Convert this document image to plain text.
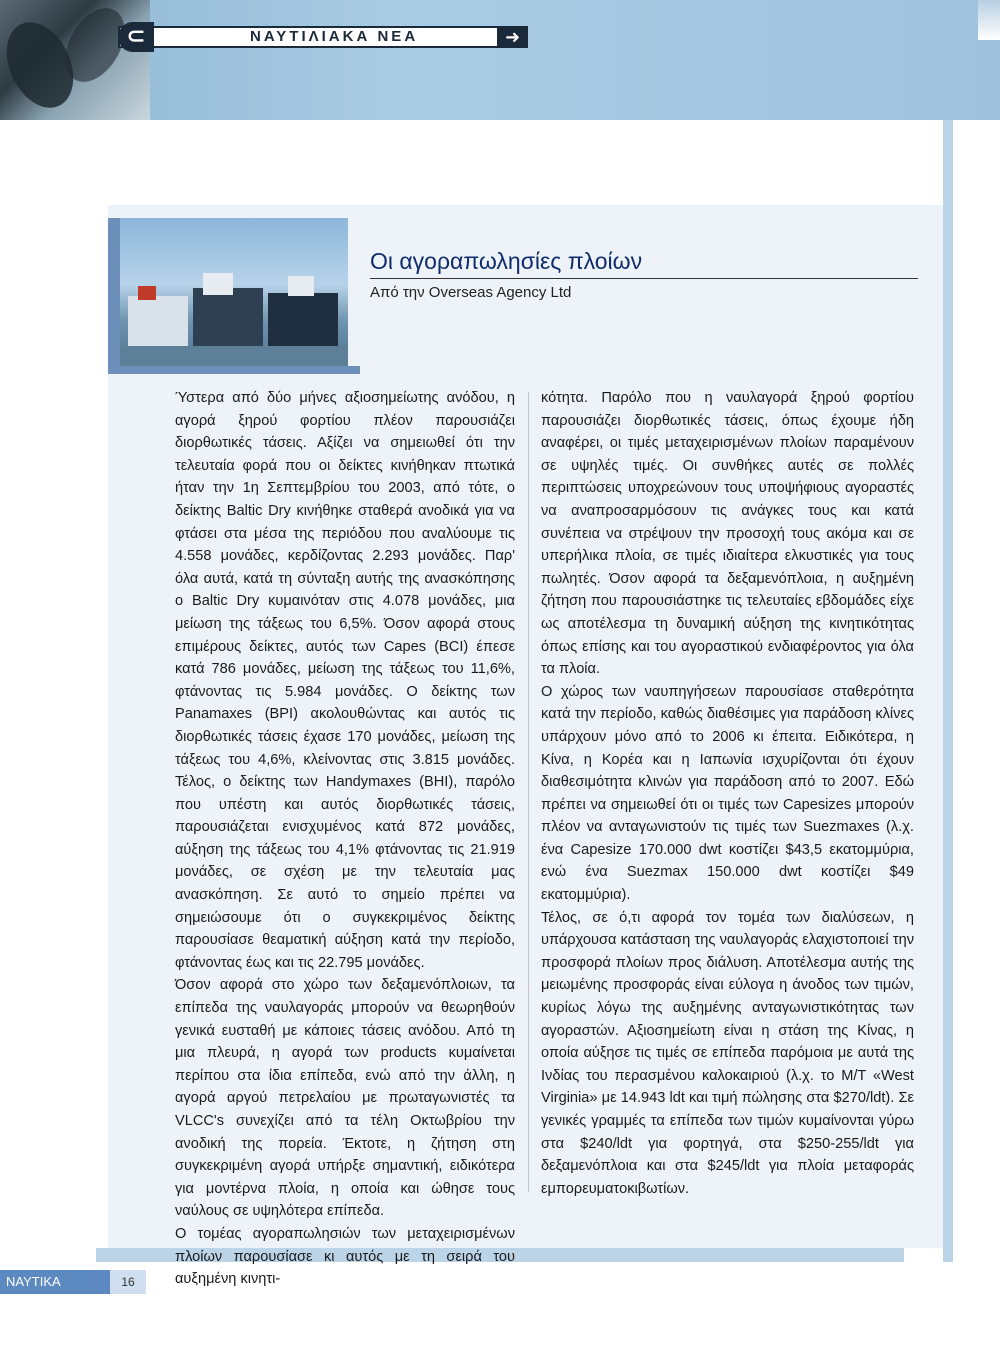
⊂	ΝΑΥΤΙΛΙΑΚΑ ΝΕΑ	➜
Οι αγοραπωλησίες πλοίων
Από την Overseas Agency Ltd

Ύστερα από δύο μήνες αξιοσημείωτης ανόδου, η αγορά ξηρού φορτίου πλέον παρουσιάζει διορθωτικές τάσεις. Αξίζει να σημειωθεί ότι την τελευταία φορά που οι δείκτες κινήθηκαν πτωτικά ήταν την 1η Σεπτεμβρίου του 2003, από τότε, ο δείκτης Baltic Dry κινήθηκε σταθερά ανοδικά για να φτάσει στα μέσα της περιόδου που αναλύουμε τις 4.558 μονάδες, κερδίζοντας 2.293 μονάδες. Παρ' όλα αυτά, κατά τη σύνταξη αυτής της ανασκόπησης ο Baltic Dry κυμαινόταν στις 4.078 μονάδες, μια μείωση της τάξεως του 6,5%. Όσον αφορά στους επιμέρους δείκτες, αυτός των Capes (BCI) έπεσε κατά 786 μονάδες, μείωση της τάξεως του 11,6%, φτάνοντας τις 5.984 μονάδες. Ο δείκτης των Panamaxes (BPI) ακολουθώντας και αυτός τις διορθωτικές τάσεις έχασε 170 μονάδες, μείωση της τάξεως του 4,6%, κλείνοντας στις 3.815 μονάδες. Τέλος, ο δείκτης των Handymaxes (BHI), παρόλο που υπέστη και αυτός διορθωτικές τάσεις, παρουσιάζεται ενισχυμένος κατά 872 μονάδες, αύξηση της τάξεως του 4,1% φτάνοντας τις 21.919 μονάδες, σε σχέση με την τελευταία μας ανασκόπηση. Σε αυτό το σημείο πρέπει να σημειώσουμε ότι ο συγκεκριμένος δείκτης παρουσίασε θεαματική αύξηση κατά την περίοδο, φτάνοντας έως και τις 22.795 μονάδες.

Όσον αφορά στο χώρο των δεξαμενόπλοιων, τα επίπεδα της ναυλαγοράς μπορούν να θεωρηθούν γενικά ευσταθή με κάποιες τάσεις ανόδου. Από τη μια πλευρά, η αγορά των products κυμαίνεται περίπου στα ίδια επίπεδα, ενώ από την άλλη, η αγορά αργού πετρελαίου με πρωταγωνιστές τα VLCC's συνεχίζει από τα τέλη Οκτωβρίου την ανοδική της πορεία. Έκτοτε, η ζήτηση στη συγκεκριμένη αγορά υπήρξε σημαντική, ειδικότερα για μοντέρνα πλοία, η οποία και ώθησε τους ναύλους σε υψηλότερα επίπεδα.

Ο τομέας αγοραπωλησιών των μεταχειρισμένων πλοίων παρουσίασε κι αυτός με τη σειρά του αυξημένη κινητι-

κότητα. Παρόλο που η ναυλαγορά ξηρού φορτίου παρουσιάζει διορθωτικές τάσεις, όπως έχουμε ήδη αναφέρει, οι τιμές μεταχειρισμένων πλοίων παραμένουν σε υψηλές τιμές. Οι συνθήκες αυτές σε πολλές περιπτώσεις υποχρεώνουν τους υποψήφιους αγοραστές να αναπροσαρμόσουν τις ανάγκες τους και κατά συνέπεια να στρέψουν την προσοχή τους ακόμα και σε υπερήλικα πλοία, σε τιμές ιδιαίτερα ελκυστικές για τους πωλητές. Όσον αφορά τα δεξαμενόπλοια, η αυξημένη ζήτηση που παρουσιάστηκε τις τελευταίες εβδομάδες είχε ως αποτέλεσμα τη δυναμική αύξηση της κινητικότητας όπως επίσης και του αγοραστικού ενδιαφέροντος για όλα τα πλοία.

Ο χώρος των ναυπηγήσεων παρουσίασε σταθερότητα κατά την περίοδο, καθώς διαθέσιμες για παράδοση κλίνες υπάρχουν μόνο από το 2006 κι έπειτα. Ειδικότερα, η Κίνα, η Κορέα και η Ιαπωνία ισχυρίζονται ότι έχουν διαθεσιμότητα κλινών για παράδοση από το 2007. Εδώ πρέπει να σημειωθεί ότι οι τιμές των Capesizes μπορούν πλέον να ανταγωνιστούν τις τιμές των Suezmaxes (λ.χ. ένα Capesize 170.000 dwt κοστίζει $43,5 εκατομμύρια, ενώ ένα Suezmax 150.000 dwt κοστίζει $49 εκατομμύρια).

Τέλος, σε ό,τι αφορά τον τομέα των διαλύσεων, η υπάρχουσα κατάσταση της ναυλαγοράς ελαχιστοποιεί την προσφορά πλοίων προς διάλυση. Αποτέλεσμα αυτής της μειωμένης προσφοράς είναι εύλογα η άνοδος των τιμών, κυρίως λόγω της αυξημένης ανταγωνιστικότητας των αγοραστών. Αξιοσημείωτη είναι η στάση της Κίνας, η οποία αύξησε τις τιμές σε επίπεδα παρόμοια με αυτά της Ινδίας του περασμένου καλοκαιριού (λ.χ. το M/T «West Virginia» με 14.943 ldt και τιμή πώλησης στα $270/ldt). Σε γενικές γραμμές τα επίπεδα των τιμών κυμαίνονται γύρω στα $240/ldt για φορτηγά, στα $250-255/ldt για δεξαμενόπλοια και στα $245/ldt για πλοία μεταφοράς εμπορευματοκιβωτίων.

ΝΑΥΤΙΚΑ ΧΡΟΝΙΚΑ
16
